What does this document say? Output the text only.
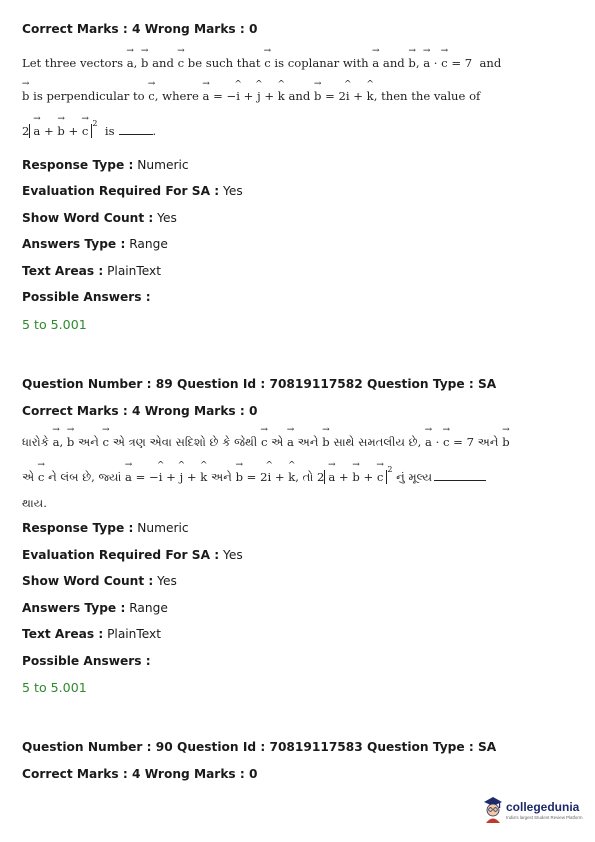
Correct Marks : 4 Wrong Marks : 0
Let three vectors → a, → b and → c be such that → c is coplanar with → a and → b, → a · → c = 7  and
→ b is perpendicular to → c, where → a = −^ i + ^ j + ^ k and → b = 2^ i + ^ k, then the value of
2 → a + → b + → $c^2$  is	.
Response Type : Numeric
Evaluation Required For SA : Yes
Show Word Count : Yes
Answers Type : Range
Text Areas : PlainText
Possible Answers :
5 to 5.001
Question Number : 89 Question Id : 70819117582 Question Type : SA
Correct Marks : 4 Wrong Marks : 0
ધારોકે → a, → b અને → c એ ત્રણ એવા સદિશો છે કે જેથી → c એ → a અને → b સાથે સમતલીય છે, → a · → c = 7 અને → b
એ → c ને લંબ છે, જ્યાં → a = −^ i + ^ j + ^ k અને → b = 2^ i + ^ k, તો 2 → a + → b + → $c^2$ નું મૂલ્ય
થાય.
Response Type : Numeric
Evaluation Required For SA : Yes
Show Word Count : Yes
Answers Type : Range
Text Areas : PlainText
Possible Answers :
5 to 5.001
Question Number : 90 Question Id : 70819117583 Question Type : SA
Correct Marks : 4 Wrong Marks : 0
collegedunia
India's largest Student Review Platform
